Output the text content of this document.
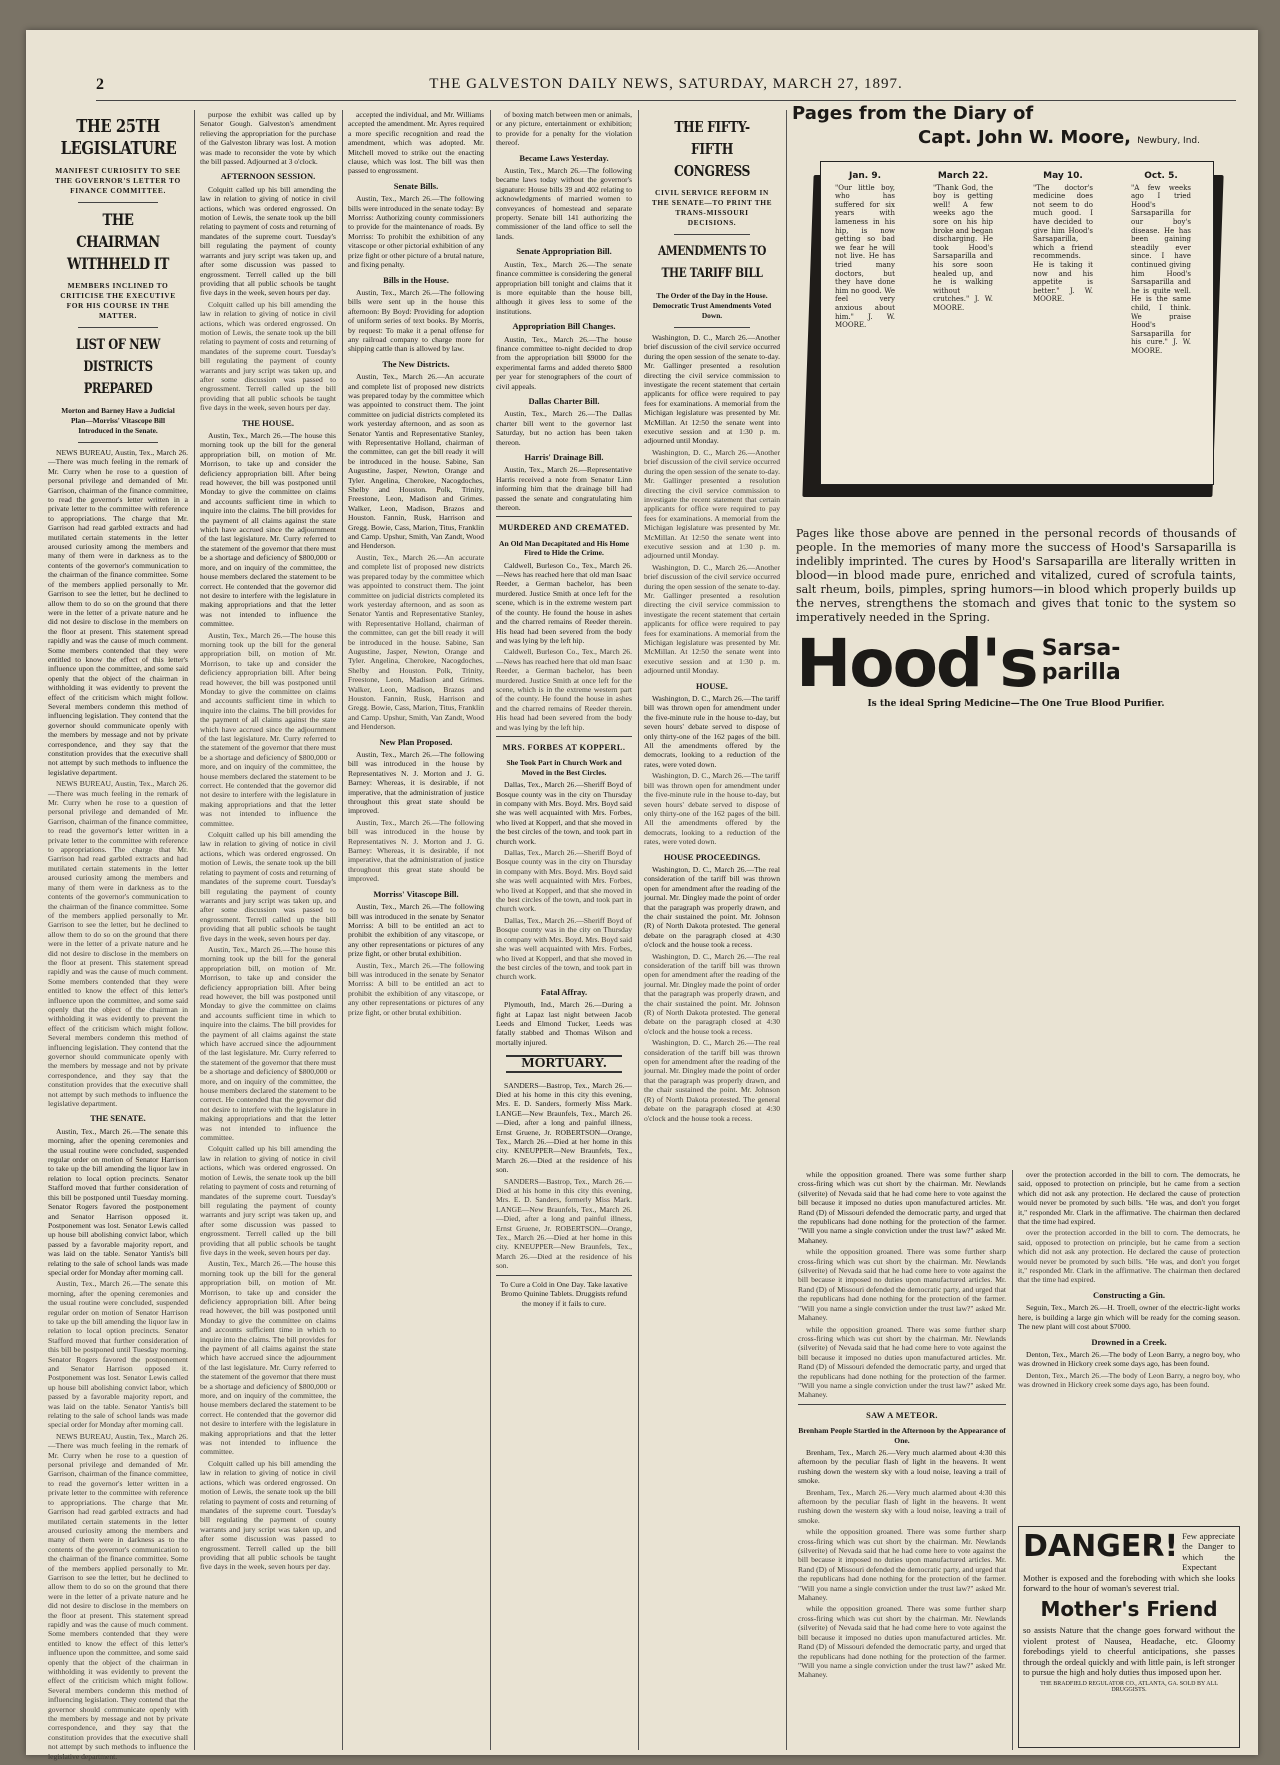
2	THE GALVESTON DAILY NEWS, SATURDAY, MARCH 27, 1897.
THE 25TH LEGISLATURE
MANIFEST CURIOSITY TO SEE THE GOVERNOR'S LETTER TO FINANCE COMMITTEE.
THE CHAIRMAN WITHHELD IT
MEMBERS INCLINED TO CRITICISE THE EXECUTIVE FOR HIS COURSE IN THE MATTER.
LIST OF NEW DISTRICTS PREPARED
Morton and Barney Have a Judicial Plan—Morriss' Vitascope Bill Introduced in the Senate.

NEWS BUREAU, Austin, Tex., March 26.—There was much feeling in the remark of Mr. Curry when he rose to a question of personal privilege and demanded of Mr. Garrison, chairman of the finance committee, to read the governor's letter written in a private letter to the committee with reference to appropriations. The charge that Mr. Garrison had read garbled extracts and had mutilated certain statements in the letter aroused curiosity among the members and many of them were in darkness as to the contents of the governor's communication to the chairman of the finance committee. Some of the members applied personally to Mr. Garrison to see the letter, but he declined to allow them to do so on the ground that there were in the letter of a private nature and he did not desire to disclose in the members on the floor at present. This statement spread rapidly and was the cause of much comment. Some members contended that they were entitled to know the effect of this letter's influence upon the committee, and some said openly that the object of the chairman in withholding it was evidently to prevent the effect of the criticism which might follow. Several members condemn this method of influencing legislation. They contend that the governor should communicate openly with the members by message and not by private correspondence, and they say that the constitution provides that the executive shall not attempt by such methods to influence the legislative department.

NEWS BUREAU, Austin, Tex., March 26.—There was much feeling in the remark of Mr. Curry when he rose to a question of personal privilege and demanded of Mr. Garrison, chairman of the finance committee, to read the governor's letter written in a private letter to the committee with reference to appropriations. The charge that Mr. Garrison had read garbled extracts and had mutilated certain statements in the letter aroused curiosity among the members and many of them were in darkness as to the contents of the governor's communication to the chairman of the finance committee. Some of the members applied personally to Mr. Garrison to see the letter, but he declined to allow them to do so on the ground that there were in the letter of a private nature and he did not desire to disclose in the members on the floor at present. This statement spread rapidly and was the cause of much comment. Some members contended that they were entitled to know the effect of this letter's influence upon the committee, and some said openly that the object of the chairman in withholding it was evidently to prevent the effect of the criticism which might follow. Several members condemn this method of influencing legislation. They contend that the governor should communicate openly with the members by message and not by private correspondence, and they say that the constitution provides that the executive shall not attempt by such methods to influence the legislative department.

THE SENATE.

Austin, Tex., March 26.—The senate this morning, after the opening ceremonies and the usual routine were concluded, suspended regular order on motion of Senator Harrison to take up the bill amending the liquor law in relation to local option precincts. Senator Stafford moved that further consideration of this bill be postponed until Tuesday morning. Senator Rogers favored the postponement and Senator Harrison opposed it. Postponement was lost. Senator Lewis called up house bill abolishing convict labor, which passed by a favorable majority report, and was laid on the table. Senator Yantis's bill relating to the sale of school lands was made special order for Monday after morning call.

Austin, Tex., March 26.—The senate this morning, after the opening ceremonies and the usual routine were concluded, suspended regular order on motion of Senator Harrison to take up the bill amending the liquor law in relation to local option precincts. Senator Stafford moved that further consideration of this bill be postponed until Tuesday morning. Senator Rogers favored the postponement and Senator Harrison opposed it. Postponement was lost. Senator Lewis called up house bill abolishing convict labor, which passed by a favorable majority report, and was laid on the table. Senator Yantis's bill relating to the sale of school lands was made special order for Monday after morning call.

NEWS BUREAU, Austin, Tex., March 26.—There was much feeling in the remark of Mr. Curry when he rose to a question of personal privilege and demanded of Mr. Garrison, chairman of the finance committee, to read the governor's letter written in a private letter to the committee with reference to appropriations. The charge that Mr. Garrison had read garbled extracts and had mutilated certain statements in the letter aroused curiosity among the members and many of them were in darkness as to the contents of the governor's communication to the chairman of the finance committee. Some of the members applied personally to Mr. Garrison to see the letter, but he declined to allow them to do so on the ground that there were in the letter of a private nature and he did not desire to disclose in the members on the floor at present. This statement spread rapidly and was the cause of much comment. Some members contended that they were entitled to know the effect of this letter's influence upon the committee, and some said openly that the object of the chairman in withholding it was evidently to prevent the effect of the criticism which might follow. Several members condemn this method of influencing legislation. They contend that the governor should communicate openly with the members by message and not by private correspondence, and they say that the constitution provides that the executive shall not attempt by such methods to influence the legislative department.

purpose the exhibit was called up by Senator Gough. Galveston's amendment relieving the appropriation for the purchase of the Galveston library was lost. A motion was made to reconsider the vote by which the bill passed. Adjourned at 3 o'clock.

AFTERNOON SESSION.

Colquitt called up his bill amending the law in relation to giving of notice in civil actions, which was ordered engrossed. On motion of Lewis, the senate took up the bill relating to payment of costs and returning of mandates of the supreme court. Tuesday's bill regulating the payment of county warrants and jury script was taken up, and after some discussion was passed to engrossment. Terrell called up the bill providing that all public schools be taught five days in the week, seven hours per day.

Colquitt called up his bill amending the law in relation to giving of notice in civil actions, which was ordered engrossed. On motion of Lewis, the senate took up the bill relating to payment of costs and returning of mandates of the supreme court. Tuesday's bill regulating the payment of county warrants and jury script was taken up, and after some discussion was passed to engrossment. Terrell called up the bill providing that all public schools be taught five days in the week, seven hours per day.

THE HOUSE.

Austin, Tex., March 26.—The house this morning took up the bill for the general appropriation bill, on motion of Mr. Morrison, to take up and consider the deficiency appropriation bill. After being read however, the bill was postponed until Monday to give the committee on claims and accounts sufficient time in which to inquire into the claims. The bill provides for the payment of all claims against the state which have accrued since the adjournment of the last legislature. Mr. Curry referred to the statement of the governor that there must be a shortage and deficiency of $800,000 or more, and on inquiry of the committee, the house members declared the statement to be correct. He contended that the governor did not desire to interfere with the legislature in making appropriations and that the letter was not intended to influence the committee.

Austin, Tex., March 26.—The house this morning took up the bill for the general appropriation bill, on motion of Mr. Morrison, to take up and consider the deficiency appropriation bill. After being read however, the bill was postponed until Monday to give the committee on claims and accounts sufficient time in which to inquire into the claims. The bill provides for the payment of all claims against the state which have accrued since the adjournment of the last legislature. Mr. Curry referred to the statement of the governor that there must be a shortage and deficiency of $800,000 or more, and on inquiry of the committee, the house members declared the statement to be correct. He contended that the governor did not desire to interfere with the legislature in making appropriations and that the letter was not intended to influence the committee.

Colquitt called up his bill amending the law in relation to giving of notice in civil actions, which was ordered engrossed. On motion of Lewis, the senate took up the bill relating to payment of costs and returning of mandates of the supreme court. Tuesday's bill regulating the payment of county warrants and jury script was taken up, and after some discussion was passed to engrossment. Terrell called up the bill providing that all public schools be taught five days in the week, seven hours per day.

Austin, Tex., March 26.—The house this morning took up the bill for the general appropriation bill, on motion of Mr. Morrison, to take up and consider the deficiency appropriation bill. After being read however, the bill was postponed until Monday to give the committee on claims and accounts sufficient time in which to inquire into the claims. The bill provides for the payment of all claims against the state which have accrued since the adjournment of the last legislature. Mr. Curry referred to the statement of the governor that there must be a shortage and deficiency of $800,000 or more, and on inquiry of the committee, the house members declared the statement to be correct. He contended that the governor did not desire to interfere with the legislature in making appropriations and that the letter was not intended to influence the committee.

Colquitt called up his bill amending the law in relation to giving of notice in civil actions, which was ordered engrossed. On motion of Lewis, the senate took up the bill relating to payment of costs and returning of mandates of the supreme court. Tuesday's bill regulating the payment of county warrants and jury script was taken up, and after some discussion was passed to engrossment. Terrell called up the bill providing that all public schools be taught five days in the week, seven hours per day.

Austin, Tex., March 26.—The house this morning took up the bill for the general appropriation bill, on motion of Mr. Morrison, to take up and consider the deficiency appropriation bill. After being read however, the bill was postponed until Monday to give the committee on claims and accounts sufficient time in which to inquire into the claims. The bill provides for the payment of all claims against the state which have accrued since the adjournment of the last legislature. Mr. Curry referred to the statement of the governor that there must be a shortage and deficiency of $800,000 or more, and on inquiry of the committee, the house members declared the statement to be correct. He contended that the governor did not desire to interfere with the legislature in making appropriations and that the letter was not intended to influence the committee.

Colquitt called up his bill amending the law in relation to giving of notice in civil actions, which was ordered engrossed. On motion of Lewis, the senate took up the bill relating to payment of costs and returning of mandates of the supreme court. Tuesday's bill regulating the payment of county warrants and jury script was taken up, and after some discussion was passed to engrossment. Terrell called up the bill providing that all public schools be taught five days in the week, seven hours per day.

accepted the individual, and Mr. Williams accepted the amendment. Mr. Ayres required a more specific recognition and read the amendment, which was adopted. Mr. Mitchell moved to strike out the enacting clause, which was lost. The bill was then passed to engrossment.

Senate Bills.

Austin, Tex., March 26.—The following bills were introduced in the senate today: By Morriss: Authorizing county commissioners to provide for the maintenance of roads. By Morriss: To prohibit the exhibition of any vitascope or other pictorial exhibition of any prize fight or other picture of a brutal nature, and fixing penalty.

Bills in the House.

Austin, Tex., March 26.—The following bills were sent up in the house this afternoon: By Boyd: Providing for adoption of uniform series of text books. By Morris, by request: To make it a penal offense for any railroad company to charge more for shipping cattle than is allowed by law.

The New Districts.

Austin, Tex., March 26.—An accurate and complete list of proposed new districts was prepared today by the committee which was appointed to construct them. The joint committee on judicial districts completed its work yesterday afternoon, and as soon as Senator Yantis and Representative Stanley, with Representative Holland, chairman of the committee, can get the bill ready it will be introduced in the house. Sabine, San Augustine, Jasper, Newton, Orange and Tyler. Angelina, Cherokee, Nacogdoches, Shelby and Houston. Polk, Trinity, Freestone, Leon, Madison and Grimes. Walker, Leon, Madison, Brazos and Houston. Fannin, Rusk, Harrison and Gregg. Bowie, Cass, Marion, Titus, Franklin and Camp. Upshur, Smith, Van Zandt, Wood and Henderson.

Austin, Tex., March 26.—An accurate and complete list of proposed new districts was prepared today by the committee which was appointed to construct them. The joint committee on judicial districts completed its work yesterday afternoon, and as soon as Senator Yantis and Representative Stanley, with Representative Holland, chairman of the committee, can get the bill ready it will be introduced in the house. Sabine, San Augustine, Jasper, Newton, Orange and Tyler. Angelina, Cherokee, Nacogdoches, Shelby and Houston. Polk, Trinity, Freestone, Leon, Madison and Grimes. Walker, Leon, Madison, Brazos and Houston. Fannin, Rusk, Harrison and Gregg. Bowie, Cass, Marion, Titus, Franklin and Camp. Upshur, Smith, Van Zandt, Wood and Henderson.

New Plan Proposed.

Austin, Tex., March 26.—The following bill was introduced in the house by Representatives N. J. Morton and J. G. Barney: Whereas, it is desirable, if not imperative, that the administration of justice throughout this great state should be improved.

Austin, Tex., March 26.—The following bill was introduced in the house by Representatives N. J. Morton and J. G. Barney: Whereas, it is desirable, if not imperative, that the administration of justice throughout this great state should be improved.

Morriss' Vitascope Bill.

Austin, Tex., March 26.—The following bill was introduced in the senate by Senator Morriss: A bill to be entitled an act to prohibit the exhibition of any vitascope, or any other representations or pictures of any prize fight, or other brutal exhibition.

Austin, Tex., March 26.—The following bill was introduced in the senate by Senator Morriss: A bill to be entitled an act to prohibit the exhibition of any vitascope, or any other representations or pictures of any prize fight, or other brutal exhibition.

of boxing match between men or animals, or any picture, entertainment or exhibition; to provide for a penalty for the violation thereof.

Became Laws Yesterday.

Austin, Tex., March 26.—The following became laws today without the governor's signature: House bills 39 and 402 relating to acknowledgments of married women to conveyances of homestead and separate property. Senate bill 141 authorizing the commissioner of the land office to sell the lands.

Senate Appropriation Bill.

Austin, Tex., March 26.—The senate finance committee is considering the general appropriation bill tonight and claims that it is more equitable than the house bill, although it gives less to some of the institutions.

Appropriation Bill Changes.

Austin, Tex., March 26.—The house finance committee to-night decided to drop from the appropriation bill $9000 for the experimental farms and added thereto $800 per year for stenographers of the court of civil appeals.

Dallas Charter Bill.

Austin, Tex., March 26.—The Dallas charter bill went to the governor last Saturday, but no action has been taken thereon.

Harris' Drainage Bill.

Austin, Tex., March 26.—Representative Harris received a note from Senator Linn informing him that the drainage bill had passed the senate and congratulating him thereon.

MURDERED AND CREMATED.
An Old Man Decapitated and His Home Fired to Hide the Crime.

Caldwell, Burleson Co., Tex., March 26.—News has reached here that old man Isaac Reeder, a German bachelor, has been murdered. Justice Smith at once left for the scene, which is in the extreme western part of the county. He found the house in ashes and the charred remains of Reeder therein. His head had been severed from the body and was lying by the left hip.

Caldwell, Burleson Co., Tex., March 26.—News has reached here that old man Isaac Reeder, a German bachelor, has been murdered. Justice Smith at once left for the scene, which is in the extreme western part of the county. He found the house in ashes and the charred remains of Reeder therein. His head had been severed from the body and was lying by the left hip.

MRS. FORBES AT KOPPERL.
She Took Part in Church Work and Moved in the Best Circles.

Dallas, Tex., March 26.—Sheriff Boyd of Bosque county was in the city on Thursday in company with Mrs. Boyd. Mrs. Boyd said she was well acquainted with Mrs. Forbes, who lived at Kopperl, and that she moved in the best circles of the town, and took part in church work.

Dallas, Tex., March 26.—Sheriff Boyd of Bosque county was in the city on Thursday in company with Mrs. Boyd. Mrs. Boyd said she was well acquainted with Mrs. Forbes, who lived at Kopperl, and that she moved in the best circles of the town, and took part in church work.

Dallas, Tex., March 26.—Sheriff Boyd of Bosque county was in the city on Thursday in company with Mrs. Boyd. Mrs. Boyd said she was well acquainted with Mrs. Forbes, who lived at Kopperl, and that she moved in the best circles of the town, and took part in church work.

Fatal Affray.

Plymouth, Ind., March 26.—During a fight at Lapaz last night between Jacob Leeds and Elmond Tucker, Leeds was fatally stabbed and Thomas Wilson and mortally injured.

MORTUARY.

SANDERS—Bastrop, Tex., March 26.—Died at his home in this city this evening, Mrs. E. D. Sanders, formerly Miss Mark. LANGE—New Braunfels, Tex., March 26.—Died, after a long and painful illness, Ernst Gruene, Jr. ROBERTSON—Orange, Tex., March 26.—Died at her home in this city. KNEUPPER—New Braunfels, Tex., March 26.—Died at the residence of his son.

SANDERS—Bastrop, Tex., March 26.—Died at his home in this city this evening, Mrs. E. D. Sanders, formerly Miss Mark. LANGE—New Braunfels, Tex., March 26.—Died, after a long and painful illness, Ernst Gruene, Jr. ROBERTSON—Orange, Tex., March 26.—Died at her home in this city. KNEUPPER—New Braunfels, Tex., March 26.—Died at the residence of his son.

To Cure a Cold in One Day. Take laxative Bromo Quinine Tablets. Druggists refund the money if it fails to cure.

THE FIFTY-FIFTH CONGRESS
CIVIL SERVICE REFORM IN THE SENATE—TO PRINT THE TRANS-MISSOURI DECISIONS.
AMENDMENTS TO THE TARIFF BILL
The Order of the Day in the House. Democratic Trust Amendments Voted Down.

Washington, D. C., March 26.—Another brief discussion of the civil service occurred during the open session of the senate to-day. Mr. Gallinger presented a resolution directing the civil service commission to investigate the recent statement that certain applicants for office were required to pay fees for examinations. A memorial from the Michigan legislature was presented by Mr. McMillan. At 12:50 the senate went into executive session and at 1:30 p. m. adjourned until Monday.

Washington, D. C., March 26.—Another brief discussion of the civil service occurred during the open session of the senate to-day. Mr. Gallinger presented a resolution directing the civil service commission to investigate the recent statement that certain applicants for office were required to pay fees for examinations. A memorial from the Michigan legislature was presented by Mr. McMillan. At 12:50 the senate went into executive session and at 1:30 p. m. adjourned until Monday.

Washington, D. C., March 26.—Another brief discussion of the civil service occurred during the open session of the senate to-day. Mr. Gallinger presented a resolution directing the civil service commission to investigate the recent statement that certain applicants for office were required to pay fees for examinations. A memorial from the Michigan legislature was presented by Mr. McMillan. At 12:50 the senate went into executive session and at 1:30 p. m. adjourned until Monday.

HOUSE.

Washington, D. C., March 26.—The tariff bill was thrown open for amendment under the five-minute rule in the house to-day, but seven hours' debate served to dispose of only thirty-one of the 162 pages of the bill. All the amendments offered by the democrats, looking to a reduction of the rates, were voted down.

Washington, D. C., March 26.—The tariff bill was thrown open for amendment under the five-minute rule in the house to-day, but seven hours' debate served to dispose of only thirty-one of the 162 pages of the bill. All the amendments offered by the democrats, looking to a reduction of the rates, were voted down.

HOUSE PROCEEDINGS.

Washington, D. C., March 26.—The real consideration of the tariff bill was thrown open for amendment after the reading of the journal. Mr. Dingley made the point of order that the paragraph was properly drawn, and the chair sustained the point. Mr. Johnson (R) of North Dakota protested. The general debate on the paragraph closed at 4:30 o'clock and the house took a recess.

Washington, D. C., March 26.—The real consideration of the tariff bill was thrown open for amendment after the reading of the journal. Mr. Dingley made the point of order that the paragraph was properly drawn, and the chair sustained the point. Mr. Johnson (R) of North Dakota protested. The general debate on the paragraph closed at 4:30 o'clock and the house took a recess.

Washington, D. C., March 26.—The real consideration of the tariff bill was thrown open for amendment after the reading of the journal. Mr. Dingley made the point of order that the paragraph was properly drawn, and the chair sustained the point. Mr. Johnson (R) of North Dakota protested. The general debate on the paragraph closed at 4:30 o'clock and the house took a recess.

Pages from the Diary of
Capt. John W. Moore, Newbury, Ind.
Jan. 9.
"Our little boy, who has suffered for six years with lameness in his hip, is now getting so bad we fear he will not live. He has tried many doctors, but they have done him no good. We feel very anxious about him." J. W. MOORE.
March 22.
"Thank God, the boy is getting well! A few weeks ago the sore on his hip broke and began discharging. He took Hood's Sarsaparilla and his sore soon healed up, and he is walking without crutches." J. W. MOORE.
May 10.
"The doctor's medicine does not seem to do much good. I have decided to give him Hood's Sarsaparilla, which a friend recommends. He is taking it now and his appetite is better." J. W. MOORE.
Oct. 5.
"A few weeks ago I tried Hood's Sarsaparilla for our boy's disease. He has been gaining steadily ever since. I have continued giving him Hood's Sarsaparilla and he is quite well. He is the same child, I think. We praise Hood's Sarsaparilla for his cure." J. W. MOORE.
Pages like those above are penned in the personal records of thousands of people. In the memories of many more the success of Hood's Sarsaparilla is indelibly imprinted. The cures by Hood's Sarsaparilla are literally written in blood—in blood made pure, enriched and vitalized, cured of scrofula taints, salt rheum, boils, pimples, spring humors—in blood which properly builds up the nerves, strengthens the stomach and gives that tonic to the system so imperatively needed in the Spring.
Hood's Sarsa-
parilla
Is the ideal Spring Medicine—The One True Blood Purifier.

while the opposition groaned. There was some further sharp cross-firing which was cut short by the chairman. Mr. Newlands (silverite) of Nevada said that he had come here to vote against the bill because it imposed no duties upon manufactured articles. Mr. Rand (D) of Missouri defended the democratic party, and urged that the republicans had done nothing for the protection of the farmer. "Will you name a single conviction under the trust law?" asked Mr. Mahaney.

while the opposition groaned. There was some further sharp cross-firing which was cut short by the chairman. Mr. Newlands (silverite) of Nevada said that he had come here to vote against the bill because it imposed no duties upon manufactured articles. Mr. Rand (D) of Missouri defended the democratic party, and urged that the republicans had done nothing for the protection of the farmer. "Will you name a single conviction under the trust law?" asked Mr. Mahaney.

while the opposition groaned. There was some further sharp cross-firing which was cut short by the chairman. Mr. Newlands (silverite) of Nevada said that he had come here to vote against the bill because it imposed no duties upon manufactured articles. Mr. Rand (D) of Missouri defended the democratic party, and urged that the republicans had done nothing for the protection of the farmer. "Will you name a single conviction under the trust law?" asked Mr. Mahaney.

SAW A METEOR.
Brenham People Startled in the Afternoon by the Appearance of One.

Brenham, Tex., March 26.—Very much alarmed about 4:30 this afternoon by the peculiar flash of light in the heavens. It went rushing down the western sky with a loud noise, leaving a trail of smoke.

Brenham, Tex., March 26.—Very much alarmed about 4:30 this afternoon by the peculiar flash of light in the heavens. It went rushing down the western sky with a loud noise, leaving a trail of smoke.

while the opposition groaned. There was some further sharp cross-firing which was cut short by the chairman. Mr. Newlands (silverite) of Nevada said that he had come here to vote against the bill because it imposed no duties upon manufactured articles. Mr. Rand (D) of Missouri defended the democratic party, and urged that the republicans had done nothing for the protection of the farmer. "Will you name a single conviction under the trust law?" asked Mr. Mahaney.

while the opposition groaned. There was some further sharp cross-firing which was cut short by the chairman. Mr. Newlands (silverite) of Nevada said that he had come here to vote against the bill because it imposed no duties upon manufactured articles. Mr. Rand (D) of Missouri defended the democratic party, and urged that the republicans had done nothing for the protection of the farmer. "Will you name a single conviction under the trust law?" asked Mr. Mahaney.

over the protection accorded in the bill to corn. The democrats, he said, opposed to protection on principle, but he came from a section which did not ask any protection. He declared the cause of protection would never be promoted by such bills. "He was, and don't you forget it," responded Mr. Clark in the affirmative. The chairman then declared that the time had expired.

over the protection accorded in the bill to corn. The democrats, he said, opposed to protection on principle, but he came from a section which did not ask any protection. He declared the cause of protection would never be promoted by such bills. "He was, and don't you forget it," responded Mr. Clark in the affirmative. The chairman then declared that the time had expired.

Constructing a Gin.

Seguin, Tex., March 26.—H. Troell, owner of the electric-light works here, is building a large gin which will be ready for the coming season. The new plant will cost about $7000.

Drowned in a Creek.

Denton, Tex., March 26.—The body of Leon Barry, a negro boy, who was drowned in Hickory creek some days ago, has been found.

Denton, Tex., March 26.—The body of Leon Barry, a negro boy, who was drowned in Hickory creek some days ago, has been found.

DANGER! Few appreciate the Danger to which the Expectant Mother is exposed and the foreboding with which she looks forward to the hour of woman's severest trial.
Mother's Friend
so assists Nature that the change goes forward without the violent protest of Nausea, Headache, etc. Gloomy forebodings yield to cheerful anticipations, she passes through the ordeal quickly and with little pain, is left stronger to pursue the high and holy duties thus imposed upon her.
THE BRADFIELD REGULATOR CO., ATLANTA, GA. SOLD BY ALL DRUGGISTS.
